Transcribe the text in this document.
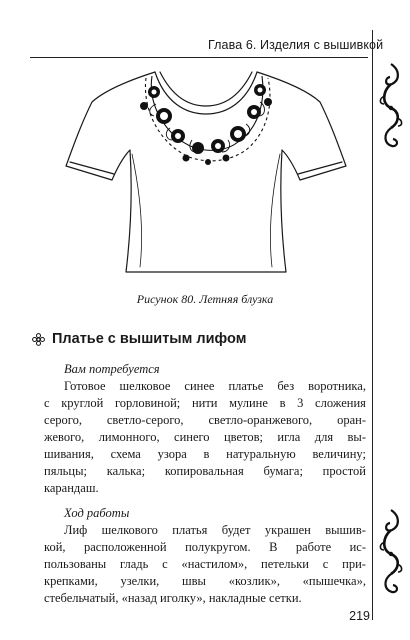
Глава 6. Изделия с вышивкой
Рисунок 80. Летняя блузка
Платье с вышитым лифом
Вам потребуется
Готовое шелковое синее платье без воротника,
с круглой горловиной; нити мулине в 3 сложения
серого, светло-серого, светло-оранжевого, оран-
жевого, лимонного, синего цветов; игла для вы-
шивания, схема узора в натуральную величину;
пяльцы; калька; копировальная бумага; простой
карандаш.
Ход работы
Лиф шелкового платья будет украшен вышив-
кой, расположенной полукругом. В работе ис-
пользованы гладь с «настилом», петельки с при-
крепками, узелки, швы «козлик», «пышечка»,
стебельчатый, «назад иголку», накладные сетки.
219
